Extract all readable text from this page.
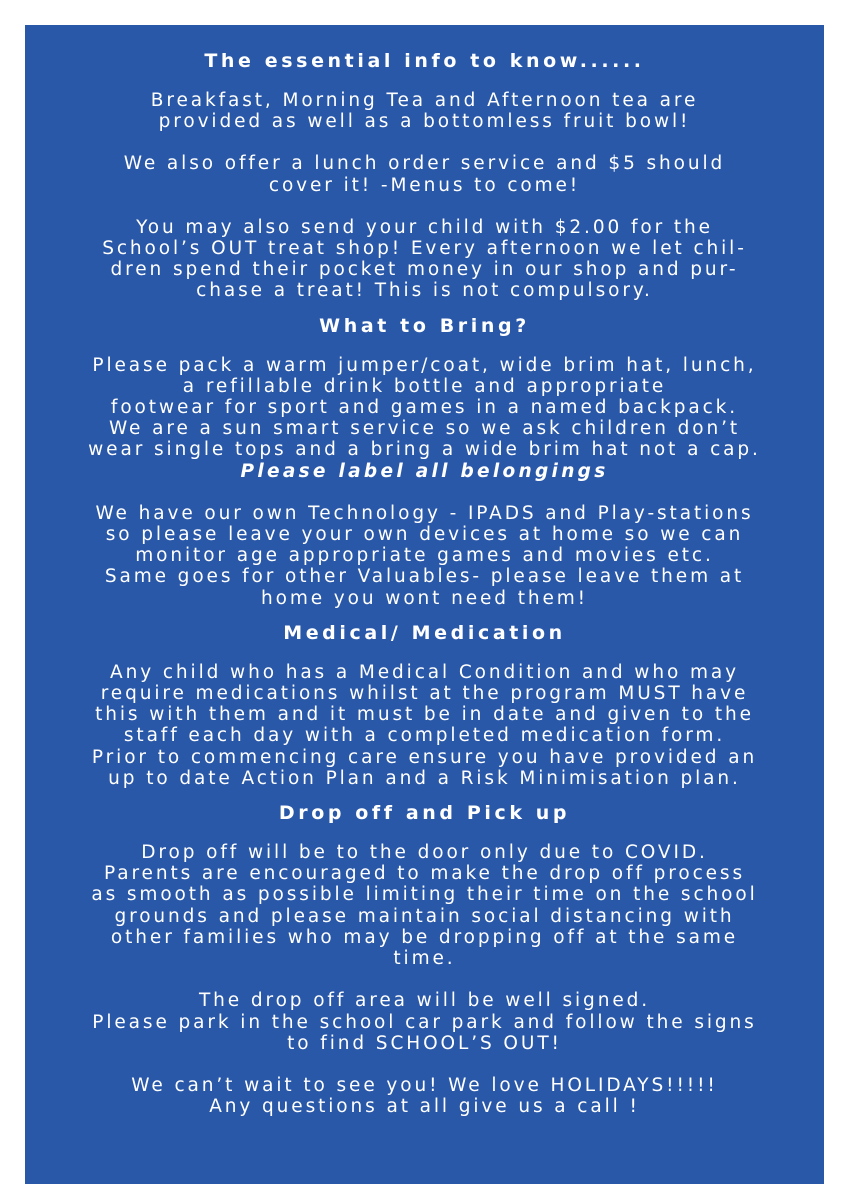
The essential info to know......
Breakfast, Morning Tea and Afternoon tea are
provided as well as a bottomless fruit bowl!
We also offer a lunch order service and $5 should
cover it! -Menus to come!
You may also send your child with $2.00 for the
School’s OUT treat shop! Every afternoon we let chil-
dren spend their pocket money in our shop and pur-
chase a treat! This is not compulsory.
What to Bring?
Please pack a warm jumper/coat, wide brim hat, lunch,
a refillable drink bottle and appropriate
footwear for sport and games in a named backpack.
We are a sun smart service so we ask children don’t
wear single tops and a bring a wide brim hat not a cap.
Please label all belongings
We have our own Technology - IPADS and Play-stations
so please leave your own devices at home so we can
monitor age appropriate games and movies etc.
Same goes for other Valuables- please leave them at
home you wont need them!
Medical/ Medication
Any child who has a Medical Condition and who may
require medications whilst at the program MUST have
this with them and it must be in date and given to the
staff each day with a completed medication form.
Prior to commencing care ensure you have provided an
up to date Action Plan and a Risk Minimisation plan.
Drop off and Pick up
Drop off will be to the door only due to COVID.
Parents are encouraged to make the drop off process
as smooth as possible limiting their time on the school
grounds and please maintain social distancing with
other families who may be dropping off at the same
time.
The drop off area will be well signed.
Please park in the school car park and follow the signs
to find SCHOOL’S OUT!
We can’t wait to see you! We love HOLIDAYS!!!!!
Any questions at all give us a call !
